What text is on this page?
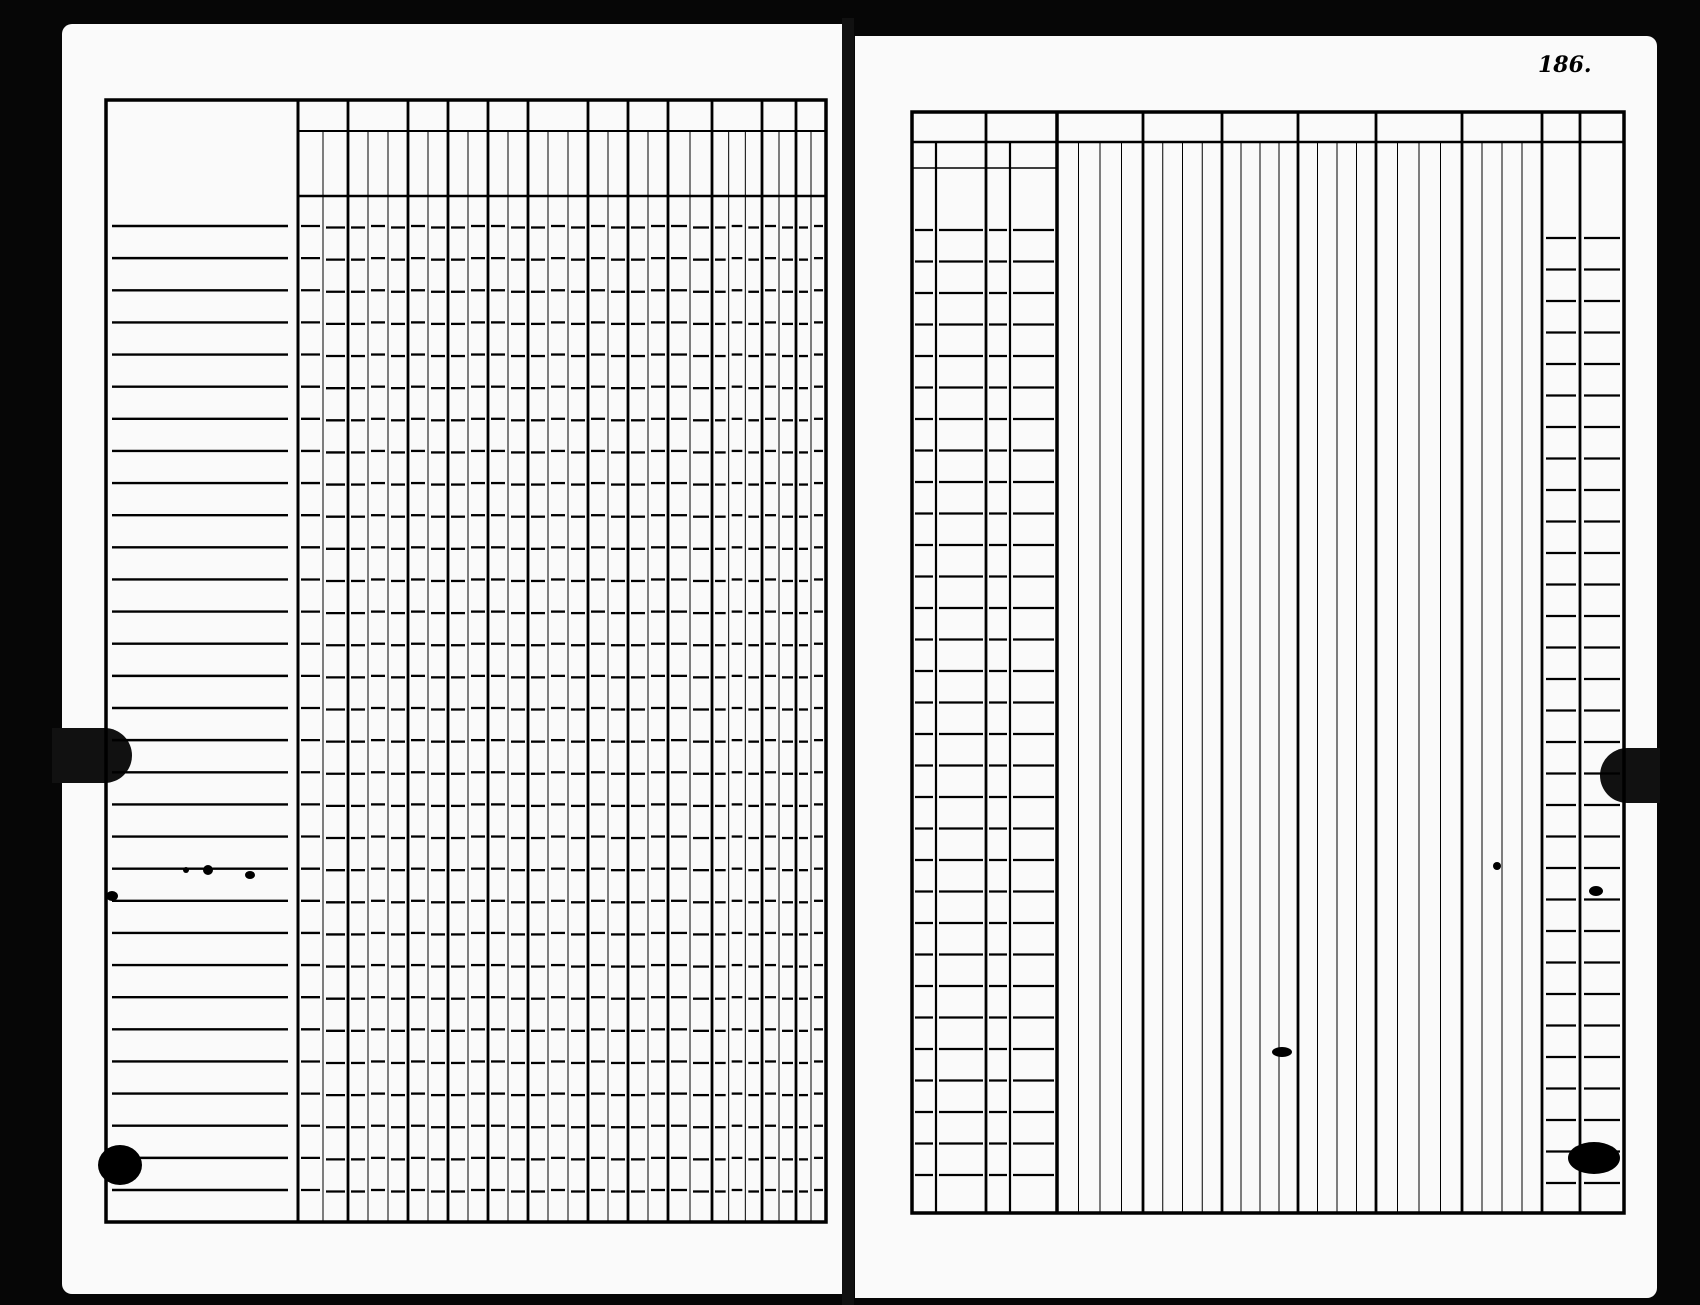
186.
